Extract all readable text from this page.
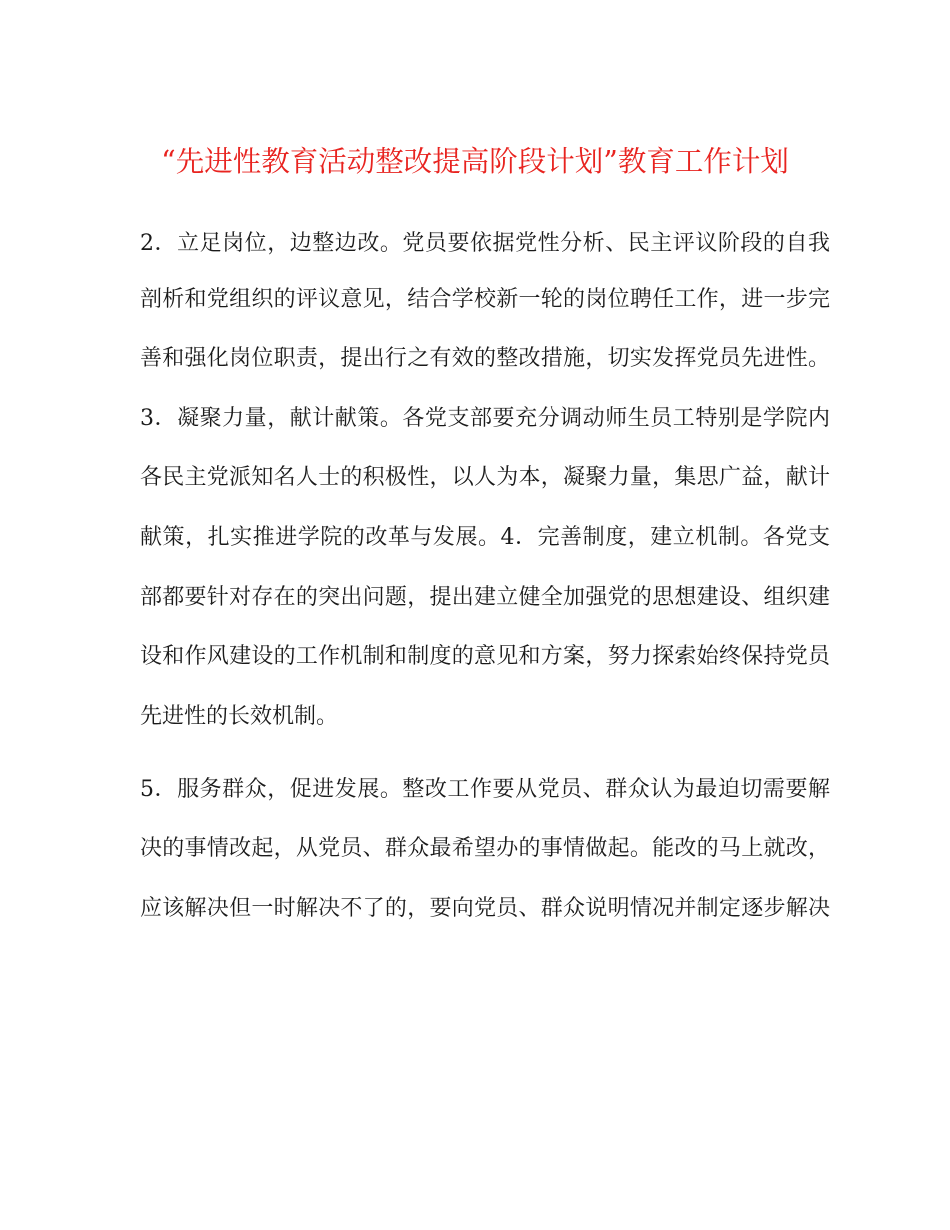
“先进性教育活动整改提高阶段计划”教育工作计划
2．立足岗位，边整边改。党员要依据党性分析、民主评议阶段的自我
剖析和党组织的评议意见，结合学校新一轮的岗位聘任工作，进一步完
善和强化岗位职责，提出行之有效的整改措施，切实发挥党员先进性。
3．凝聚力量，献计献策。各党支部要充分调动师生员工特别是学院内
各民主党派知名人士的积极性，以人为本，凝聚力量，集思广益，献计
献策，扎实推进学院的改革与发展。4．完善制度，建立机制。各党支
部都要针对存在的突出问题，提出建立健全加强党的思想建设、组织建
设和作风建设的工作机制和制度的意见和方案，努力探索始终保持党员
先进性的长效机制。
5．服务群众，促进发展。整改工作要从党员、群众认为最迫切需要解
决的事情改起，从党员、群众最希望办的事情做起。能改的马上就改，
应该解决但一时解决不了的，要向党员、群众说明情况并制定逐步解决
